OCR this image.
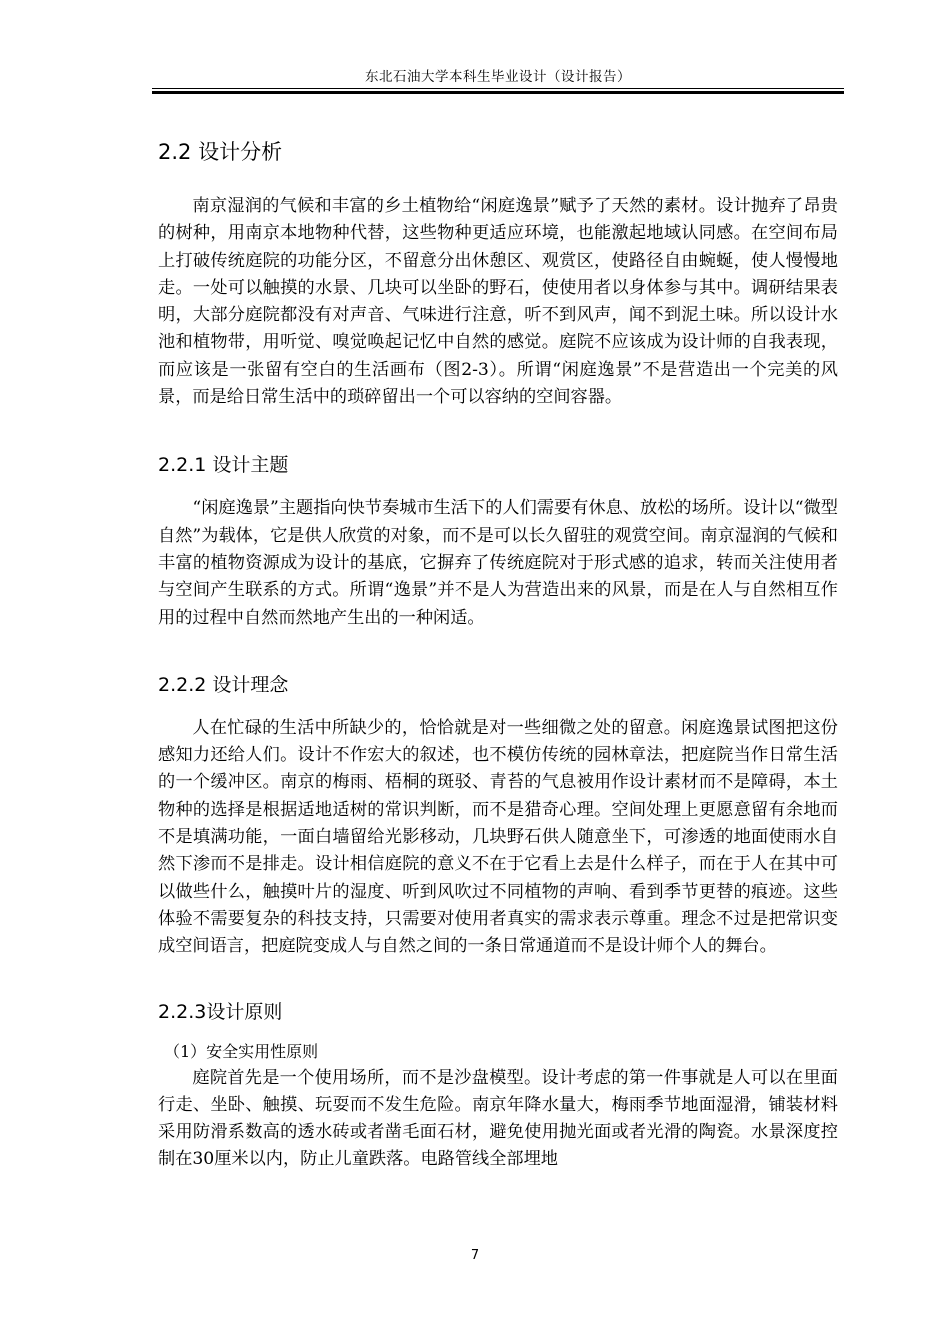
东北石油大学本科生毕业设计（设计报告）
2.2 设计分析

南京湿润的气候和丰富的乡土植物给“闲庭逸景”赋予了天然的素材。设计抛弃了昂贵的树种，用南京本地物种代替，这些物种更适应环境，也能激起地域认同感。在空间布局上打破传统庭院的功能分区，不留意分出休憩区、观赏区，使路径自由蜿蜒，使人慢慢地走。一处可以触摸的水景、几块可以坐卧的野石，使使用者以身体参与其中。调研结果表明，大部分庭院都没有对声音、气味进行注意，听不到风声，闻不到泥土味。所以设计水池和植物带，用听觉、嗅觉唤起记忆中自然的感觉。庭院不应该成为设计师的自我表现，而应该是一张留有空白的生活画布（图2-3）。所谓“闲庭逸景”不是营造出一个完美的风景，而是给日常生活中的琐碎留出一个可以容纳的空间容器。

2.2.1 设计主题

“闲庭逸景”主题指向快节奏城市生活下的人们需要有休息、放松的场所。设计以“微型自然”为载体，它是供人欣赏的对象，而不是可以长久留驻的观赏空间。南京湿润的气候和丰富的植物资源成为设计的基底，它摒弃了传统庭院对于形式感的追求，转而关注使用者与空间产生联系的方式。所谓“逸景”并不是人为营造出来的风景，而是在人与自然相互作用的过程中自然而然地产生出的一种闲适。

2.2.2 设计理念

人在忙碌的生活中所缺少的，恰恰就是对一些细微之处的留意。闲庭逸景试图把这份感知力还给人们。设计不作宏大的叙述，也不模仿传统的园林章法，把庭院当作日常生活的一个缓冲区。南京的梅雨、梧桐的斑驳、青苔的气息被用作设计素材而不是障碍，本土物种的选择是根据适地适树的常识判断，而不是猎奇心理。空间处理上更愿意留有余地而不是填满功能，一面白墙留给光影移动，几块野石供人随意坐下，可渗透的地面使雨水自然下渗而不是排走。设计相信庭院的意义不在于它看上去是什么样子，而在于人在其中可以做些什么，触摸叶片的湿度、听到风吹过不同植物的声响、看到季节更替的痕迹。这些体验不需要复杂的科技支持，只需要对使用者真实的需求表示尊重。理念不过是把常识变成空间语言，把庭院变成人与自然之间的一条日常通道而不是设计师个人的舞台。

2.2.3设计原则
（1）安全实用性原则

庭院首先是一个使用场所，而不是沙盘模型。设计考虑的第一件事就是人可以在里面行走、坐卧、触摸、玩耍而不发生危险。南京年降水量大，梅雨季节地面湿滑，铺装材料采用防滑系数高的透水砖或者凿毛面石材，避免使用抛光面或者光滑的陶瓷。水景深度控制在30厘米以内，防止儿童跌落。电路管线全部埋地

7
